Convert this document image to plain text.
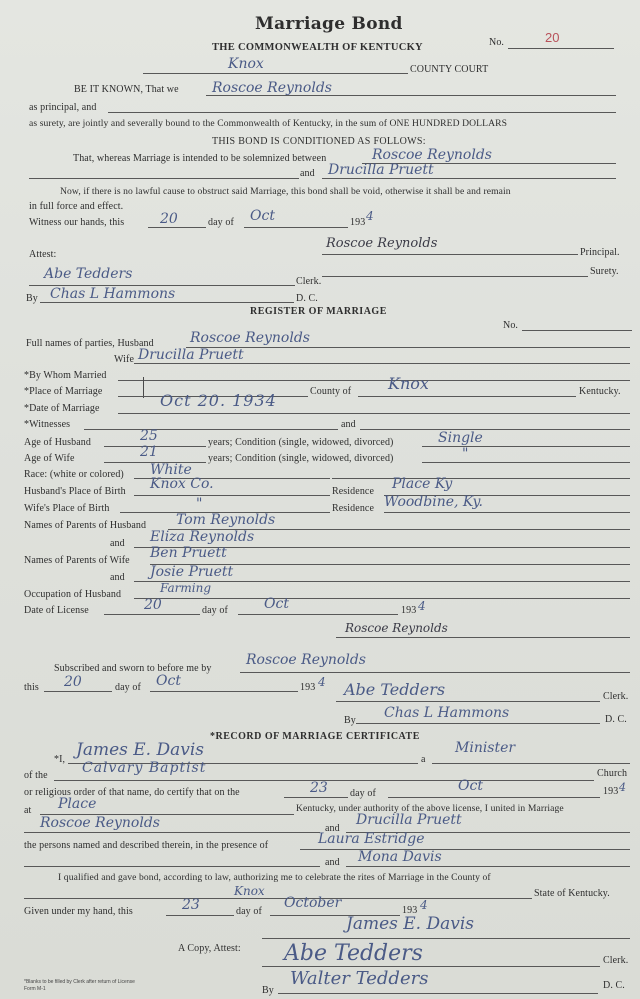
Marriage Bond
THE COMMONWEALTH OF KENTUCKY	No.	20
Knox	COUNTY COURT
BE IT KNOWN, That we Roscoe Reynolds
as principal, and
as surety, are jointly and severally bound to the Commonwealth of Kentucky, in the sum of ONE HUNDRED DOLLARS
THIS BOND IS CONDITIONED AS FOLLOWS:
That, whereas Marriage is intended to be solemnized between	Roscoe Reynolds
and Drucilla Pruett
Now, if there is no lawful cause to obstruct said Marriage, this bond shall be void, otherwise it shall be and remain
in full force and effect.
Witness our hands, this	20	day of Oct	193 4
Attest:
Roscoe Reynolds
Principal.
Surety.
Abe Tedders	Clerk.
By Chas L Hammons	D. C.
REGISTER OF MARRIAGE
No.
Full names of parties, Husband	Roscoe Reynolds
Wife Drucilla Pruett
*By Whom Married
*Place of Marriage	County of Knox	Kentucky.
*Date of Marriage	Oct 20. 1934
*Witnesses	and
Age of Husband	25	years; Condition (single, widowed, divorced)	Single
Age of Wife	21	years; Condition (single, widowed, divorced)	"
Race: (white or colored) White
Husband's Place of Birth Knox Co.	Residence Place Ky
Wife's Place of Birth	"	Residence Woodbine, Ky.
Names of Parents of Husband Tom Reynolds
and Eliza Reynolds
Names of Parents of Wife Ben Pruett
and Josie Pruett
Occupation of Husband	Farming
Date of License	20	day of	Oct	193 4
Roscoe Reynolds
Subscribed and sworn to before me by
Roscoe Reynolds
this 20	day of Oct	193 4 Abe Tedders	Clerk.
By Chas L Hammons	D. C.
*RECORD OF MARRIAGE CERTIFICATE
*I, James E. Davis	a
Minister
of the Calvary Baptist	Church
or religious order of that name, do certify that on the	23 day of	Oct	193 4
at Place	Kentucky, under authority of the above license, I united in Marriage
Roscoe Reynolds	and
Drucilla Pruett
the persons named and described therein, in the presence of	Laura Estridge
and Mona Davis
I qualified and gave bond, according to law, authorizing me to celebrate the rites of Marriage in the County of
Knox	State of Kentucky.
Given under my hand, this	23	day of
October	193 4
A Copy, Attest:
James E. Davis
Abe Tedders	Clerk.
By
Walter Tedders	D. C.
*Blanks to be filled by Clerk after return of License
Form M-1
